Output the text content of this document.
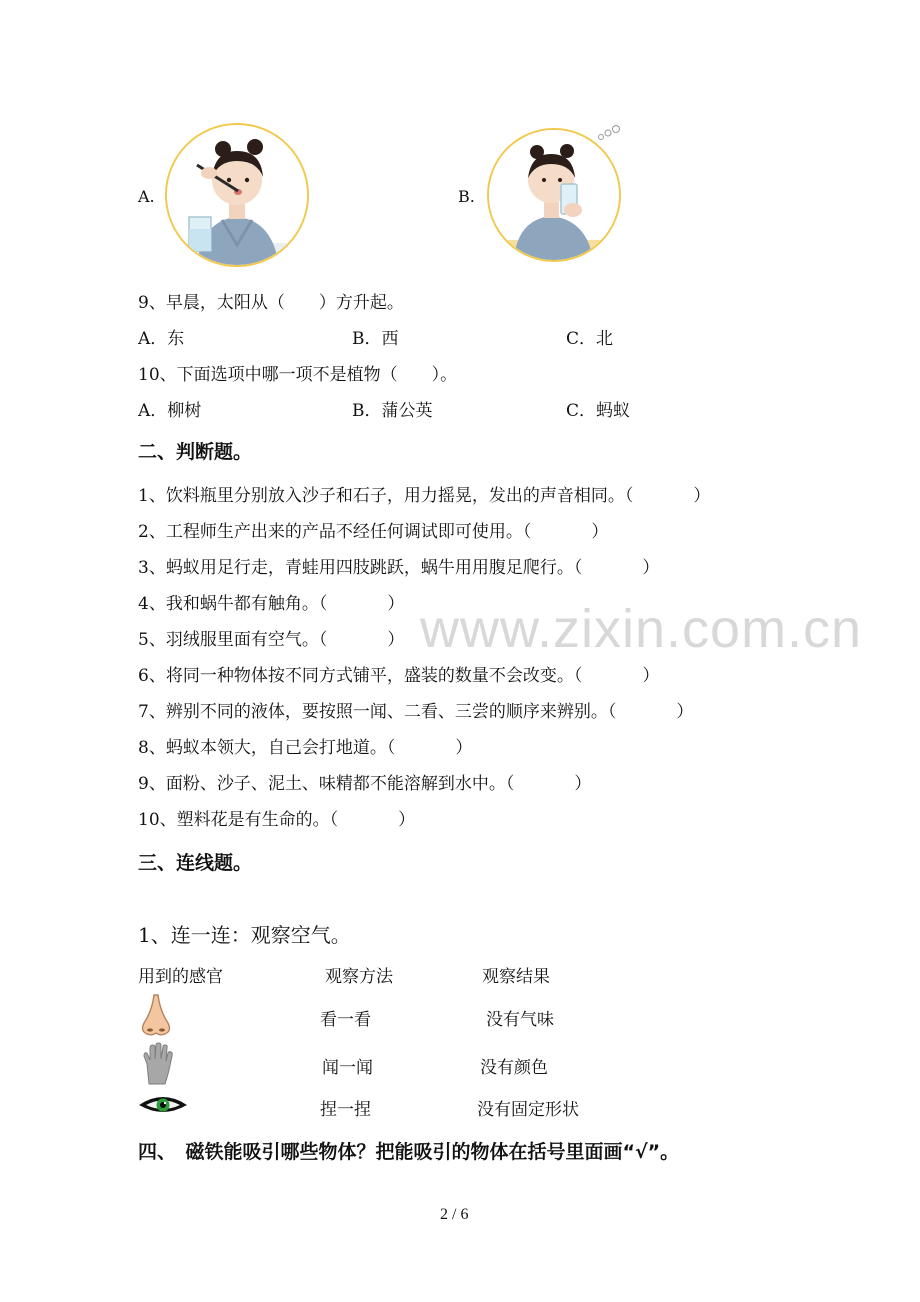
www.zixin.com.cn
A.	B.
9、早晨，太阳从（　　）方升起。
A．东	B．西	C．北
10、下面选项中哪一项不是植物（　　）。
A．柳树	B．蒲公英	C．蚂蚁
二、判断题。
1、饮料瓶里分别放入沙子和石子，用力摇晃，发出的声音相同。（	）
2、工程师生产出来的产品不经任何调试即可使用。（	）
3、蚂蚁用足行走，青蛙用四肢跳跃，蜗牛用用腹足爬行。（	）
4、我和蜗牛都有触角。（	）
5、羽绒服里面有空气。（	）
6、将同一种物体按不同方式铺平，盛装的数量不会改变。（	）
7、辨别不同的液体，要按照一闻、二看、三尝的顺序来辨别。（	）
8、蚂蚁本领大，自己会打地道。（	）
9、面粉、沙子、泥土、味精都不能溶解到水中。（	）
10、塑料花是有生命的。（	）
三、连线题。
1、连一连：观察空气。
用到的感官	观察方法	观察结果
看一看	没有气味
闻一闻	没有颜色
捏一捏	没有固定形状
四、　磁铁能吸引哪些物体？把能吸引的物体在括号里面画“√”。
2 / 6
